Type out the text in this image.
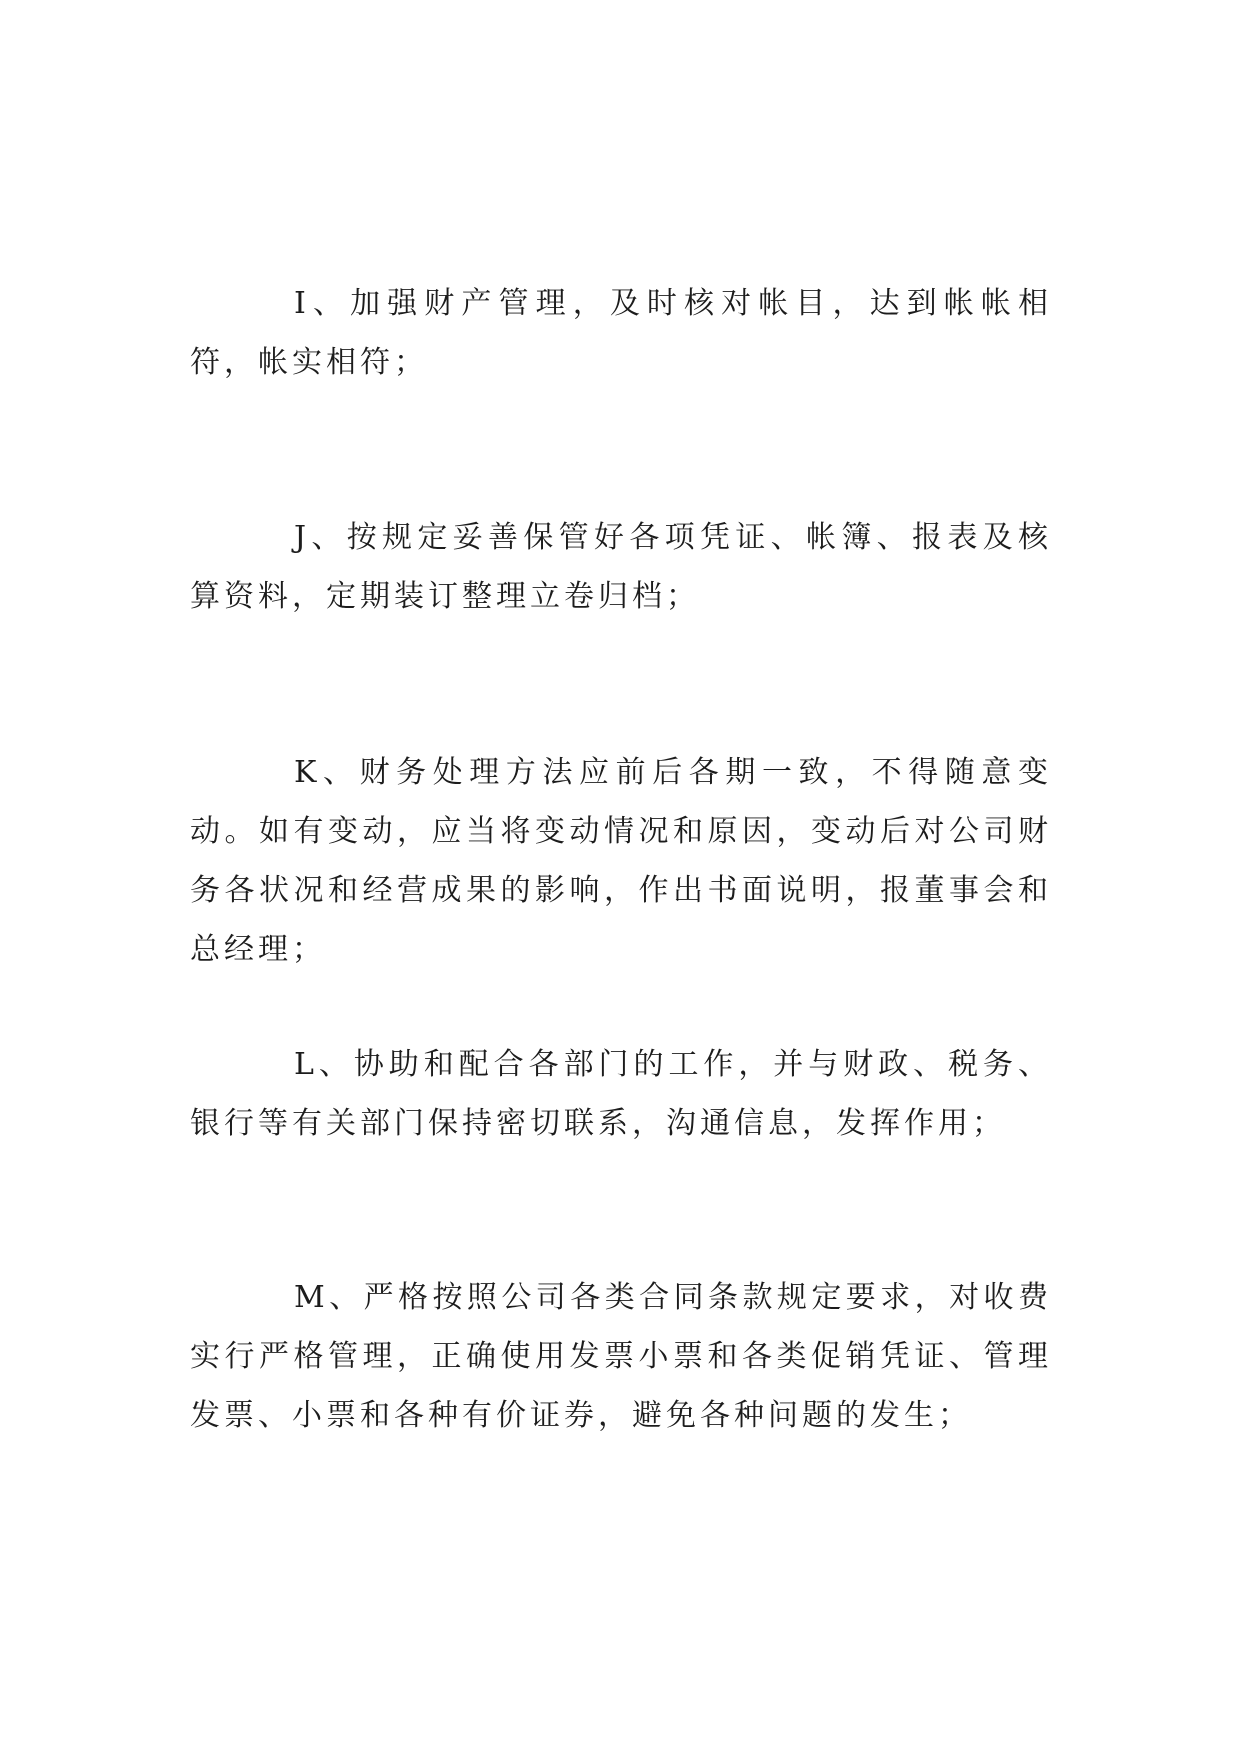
I、加强财产管理，及时核对帐目，达到帐帐相符，帐实相符；

J、按规定妥善保管好各项凭证、帐簿、报表及核算资料，定期装订整理立卷归档；

K、财务处理方法应前后各期一致，不得随意变动。如有变动，应当将变动情况和原因，变动后对公司财务各状况和经营成果的影响，作出书面说明，报董事会和总经理；

L、协助和配合各部门的工作，并与财政、税务、银行等有关部门保持密切联系，沟通信息，发挥作用；

M、严格按照公司各类合同条款规定要求，对收费实行严格管理，正确使用发票小票和各类促销凭证、管理发票、小票和各种有价证券，避免各种问题的发生；
